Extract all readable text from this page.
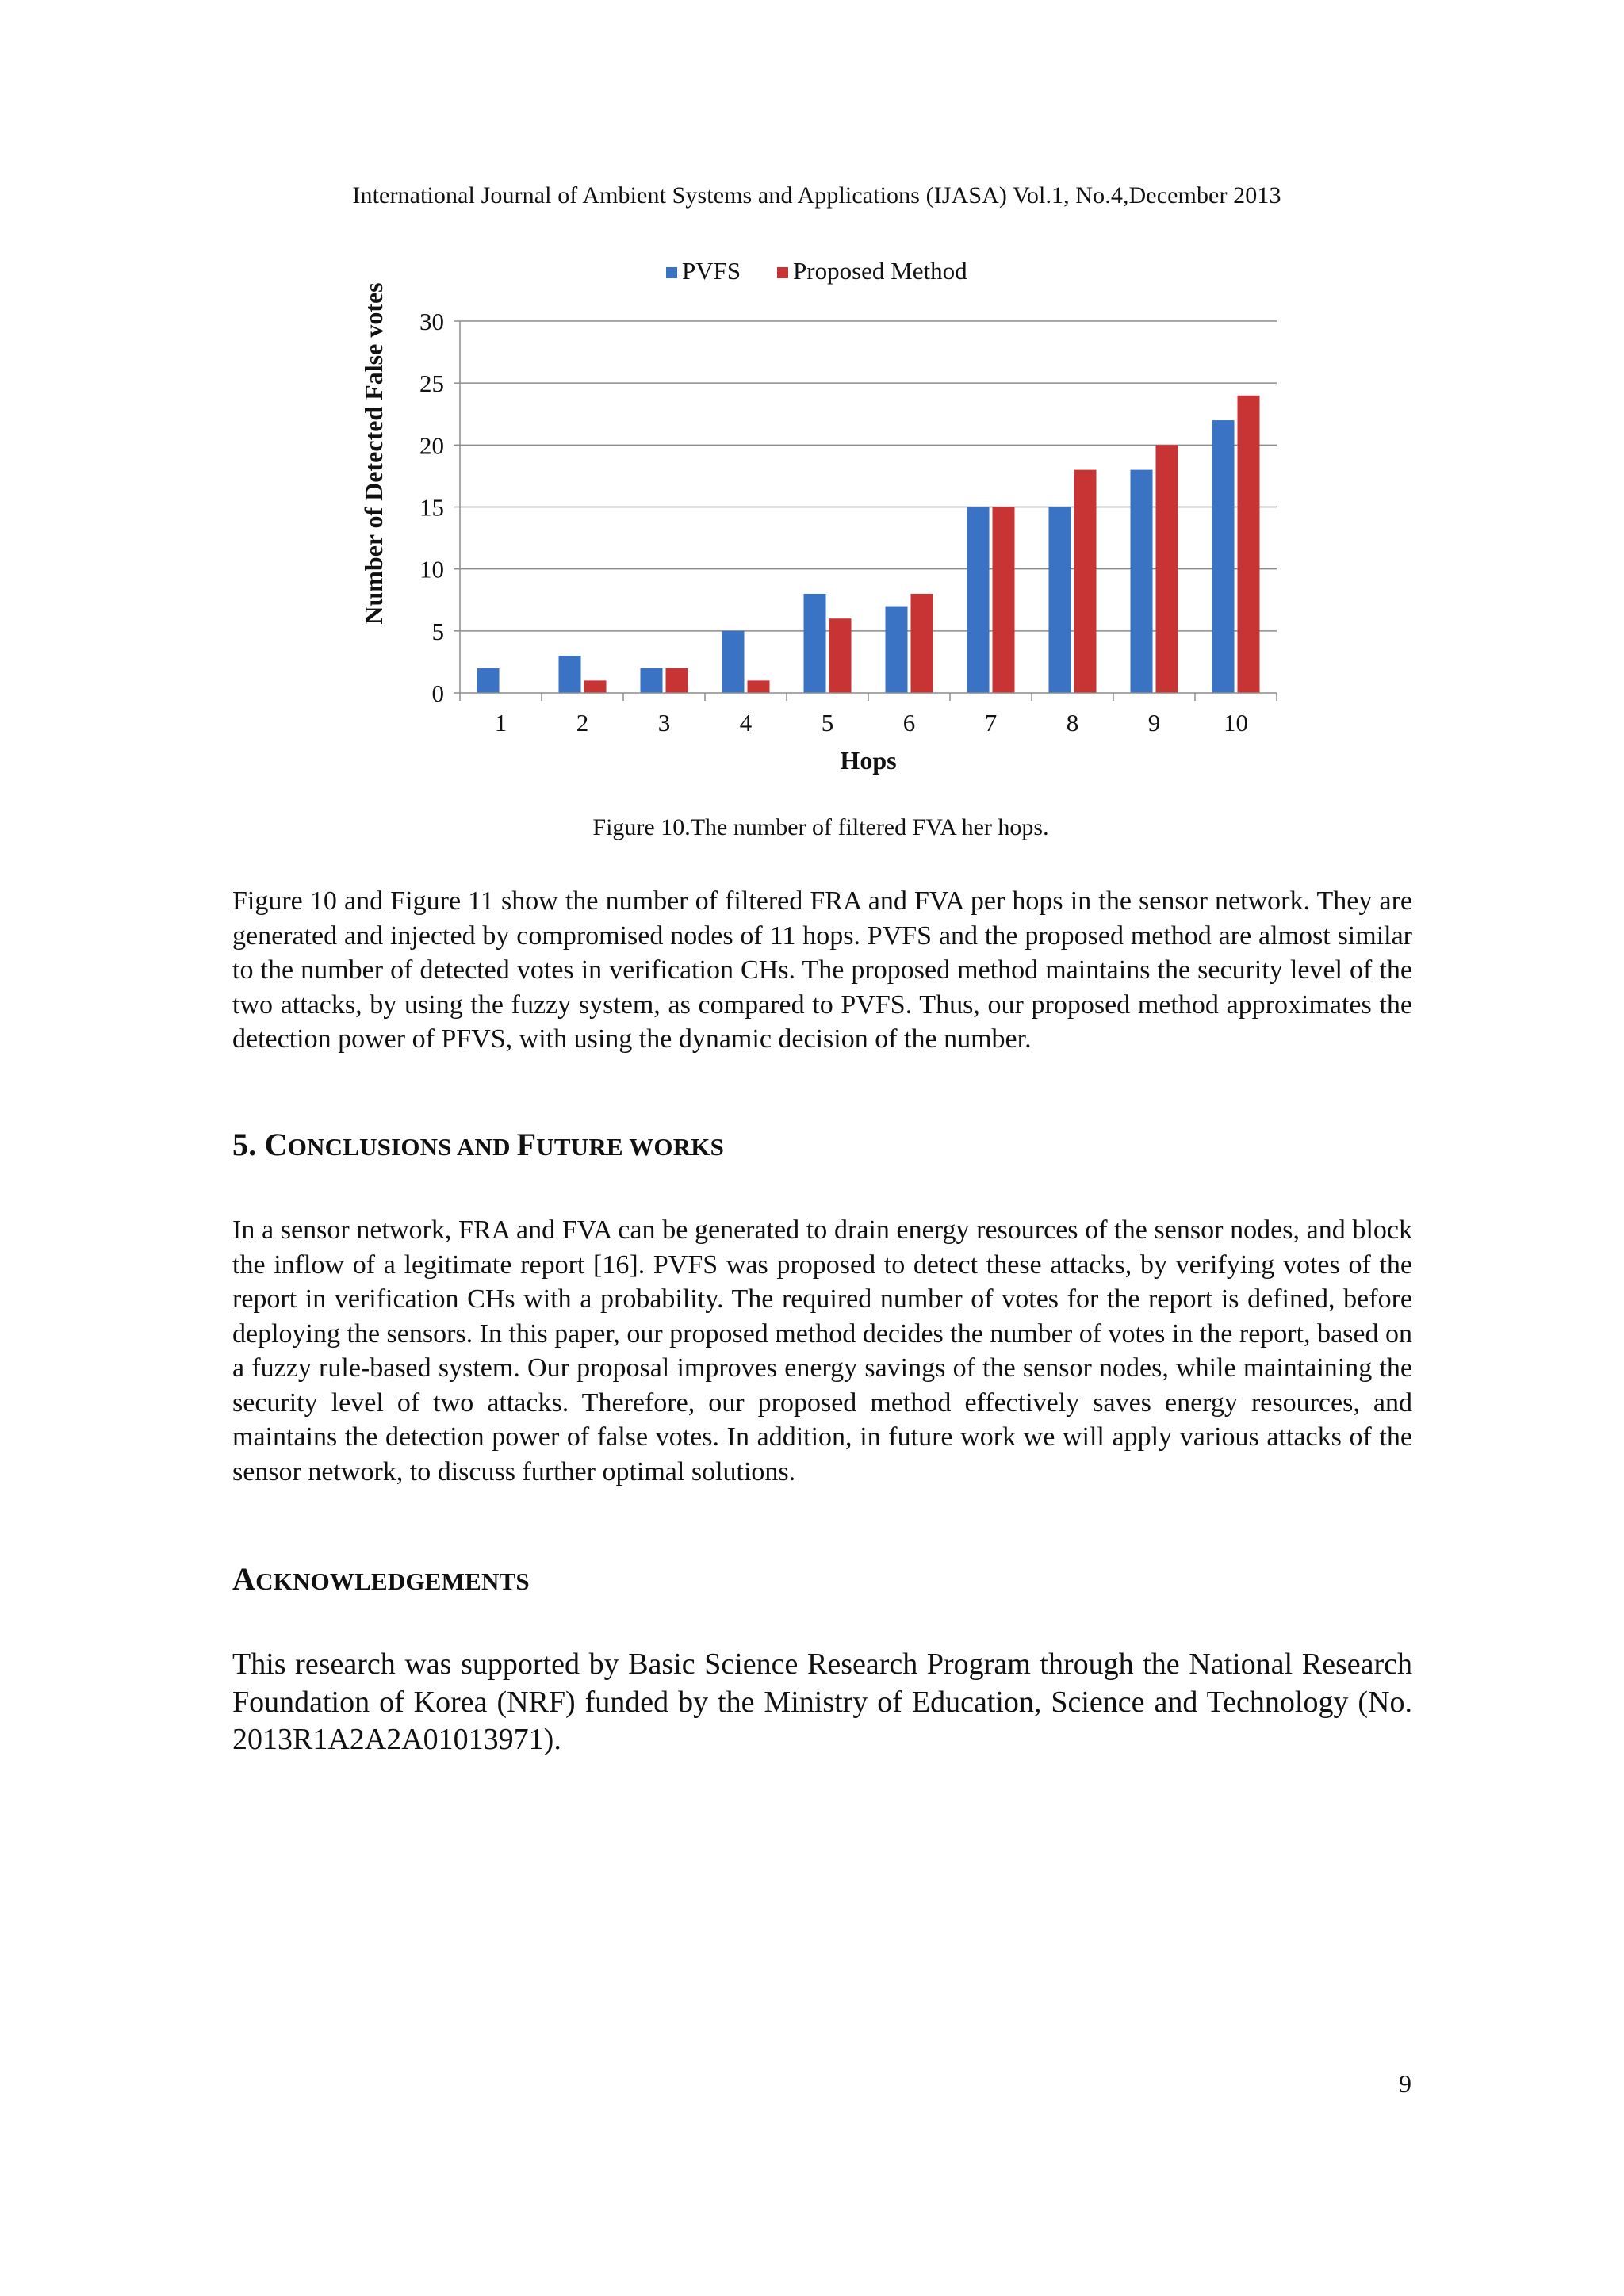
International Journal of Ambient Systems and Applications (IJASA) Vol.1, No.4,December 2013
PVFS Proposed Method
0
5
10
15
20
25
30
1	2	3	4	5	6	7	8	9	10
Hops
Number of Detected False votes
Figure 10.The number of filtered FVA her hops.
Figure 10 and Figure 11 show the number of filtered FRA and FVA per hops in the sensor network. They are generated and injected by compromised nodes of 11 hops. PVFS and the proposed method are almost similar to the number of detected votes in verification CHs. The proposed method maintains the security level of the two attacks, by using the fuzzy system, as compared to PVFS. Thus, our proposed method approximates the detection power of PFVS, with using the dynamic decision of the number.
5. CONCLUSIONS AND FUTURE WORKS
In a sensor network, FRA and FVA can be generated to drain energy resources of the sensor nodes, and block the inflow of a legitimate report [16]. PVFS was proposed to detect these attacks, by verifying votes of the report in verification CHs with a probability. The required number of votes for the report is defined, before deploying the sensors. In this paper, our proposed method decides the number of votes in the report, based on a fuzzy rule-based system. Our proposal improves energy savings of the sensor nodes, while maintaining the security level of two attacks. Therefore, our proposed method effectively saves energy resources, and maintains the detection power of false votes. In addition, in future work we will apply various attacks of the sensor network, to discuss further optimal solutions.
ACKNOWLEDGEMENTS
This research was supported by Basic Science Research Program through the National Research Foundation of Korea (NRF) funded by the Ministry of Education, Science and Technology (No. 2013R1A2A2A01013971).
9
